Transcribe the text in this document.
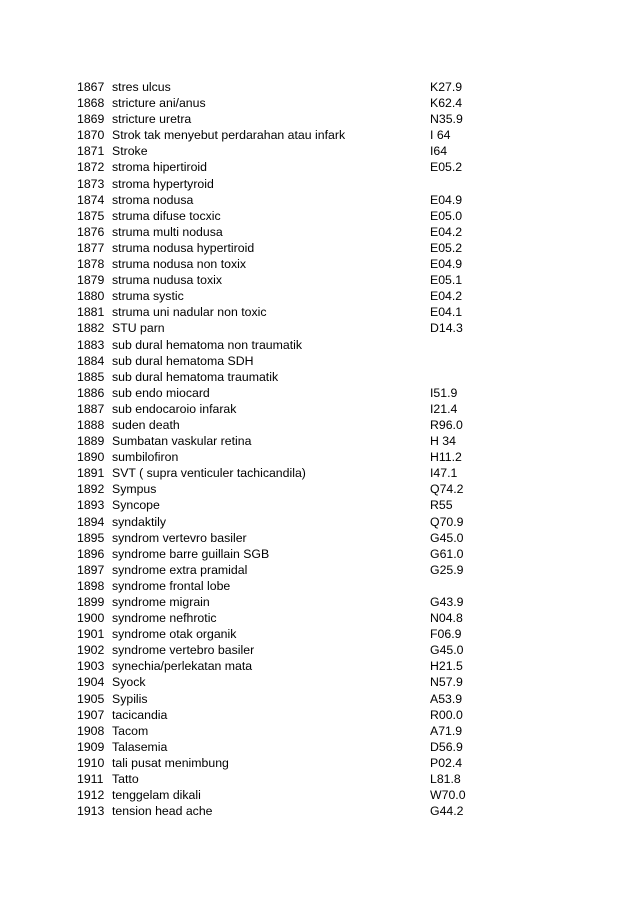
1867 stres ulcus	K27.9
1868 stricture ani/anus	K62.4
1869 stricture uretra	N35.9
1870 Strok tak menyebut perdarahan atau infark	I 64
1871 Stroke	I64
1872 stroma hipertiroid	E05.2
1873 stroma hypertyroid
1874 stroma nodusa	E04.9
1875 struma difuse tocxic	E05.0
1876 struma multi nodusa	E04.2
1877 struma nodusa hypertiroid	E05.2
1878 struma nodusa non toxix	E04.9
1879 struma nudusa toxix	E05.1
1880 struma systic	E04.2
1881 struma uni nadular non toxic	E04.1
1882 STU parn	D14.3
1883 sub dural hematoma non traumatik
1884 sub dural hematoma SDH
1885 sub dural hematoma traumatik
1886 sub endo miocard	I51.9
1887 sub endocaroio infarak	I21.4
1888 suden death	R96.0
1889 Sumbatan vaskular retina	H 34
1890 sumbilofiron	H11.2
1891 SVT ( supra venticuler tachicandila)	I47.1
1892 Sympus	Q74.2
1893 Syncope	R55
1894 syndaktily	Q70.9
1895 syndrom vertevro basiler	G45.0
1896 syndrome barre guillain SGB	G61.0
1897 syndrome extra pramidal	G25.9
1898 syndrome frontal lobe
1899 syndrome migrain	G43.9
1900 syndrome nefhrotic	N04.8
1901 syndrome otak organik	F06.9
1902 syndrome vertebro basiler	G45.0
1903 synechia/perlekatan mata	H21.5
1904 Syock	N57.9
1905 Sypilis	A53.9
1907 tacicandia	R00.0
1908 Tacom	A71.9
1909 Talasemia	D56.9
1910 tali pusat menimbung	P02.4
1911 Tatto	L81.8
1912 tenggelam dikali	W70.0
1913 tension head ache	G44.2
